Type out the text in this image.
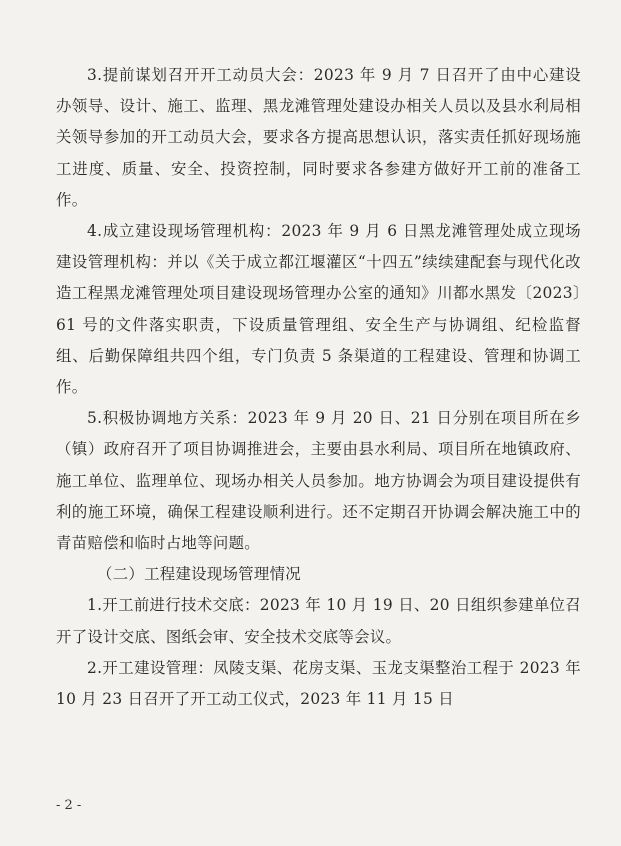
3.提前谋划召开开工动员大会：2023 年 9 月 7 日召开了由中心建设办领导、设计、施工、监理、黑龙滩管理处建设办相关人员以及县水利局相关领导参加的开工动员大会，要求各方提高思想认识，落实责任抓好现场施工进度、质量、安全、投资控制，同时要求各参建方做好开工前的准备工作。

4.成立建设现场管理机构：2023 年 9 月 6 日黑龙滩管理处成立现场建设管理机构：并以《关于成立都江堰灌区“十四五”续续建配套与现代化改造工程黑龙滩管理处项目建设现场管理办公室的通知》川都水黑发〔2023〕61 号的文件落实职责，下设质量管理组、安全生产与协调组、纪检监督组、后勤保障组共四个组，专门负责 5 条渠道的工程建设、管理和协调工作。

5.积极协调地方关系：2023 年 9 月 20 日、21 日分别在项目所在乡（镇）政府召开了项目协调推进会，主要由县水利局、项目所在地镇政府、施工单位、监理单位、现场办相关人员参加。地方协调会为项目建设提供有利的施工环境，确保工程建设顺利进行。还不定期召开协调会解决施工中的青苗赔偿和临时占地等问题。

（二）工程建设现场管理情况

1.开工前进行技术交底：2023 年 10 月 19 日、20 日组织参建单位召开了设计交底、图纸会审、安全技术交底等会议。

2.开工建设管理：凤陵支渠、花房支渠、玉龙支渠整治工程于 2023 年 10 月 23 日召开了开工动工仪式，2023 年 11 月 15 日

- 2 -
